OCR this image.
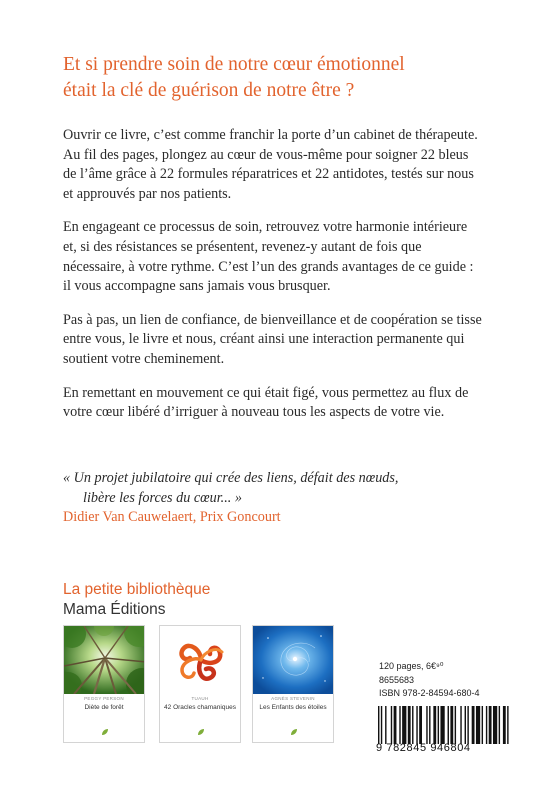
Et si prendre soin de notre cœur émotionnel
était la clé de guérison de notre être ?

Ouvrir ce livre, c’est comme franchir la porte d’un cabinet de thérapeute. Au fil des pages, plongez au cœur de vous-même pour soigner 22 bleus de l’âme grâce à 22 formules réparatrices et 22 antidotes, testés sur nous et approuvés par nos patients.

En engageant ce processus de soin, retrouvez votre harmonie intérieure et, si des résistances se présentent, revenez-y autant de fois que nécessaire, à votre rythme. C’est l’un des grands avantages de ce guide : il vous accompagne sans jamais vous brusquer.

Pas à pas, un lien de confiance, de bienveillance et de coopération se tisse entre vous, le livre et nous, créant ainsi une interaction permanente qui soutient votre cheminement.

En remettant en mouvement ce qui était figé, vous permettez au flux de votre cœur libéré d’irriguer à nouveau tous les aspects de votre vie.

« Un projet jubilatoire qui crée des liens, défait des nœuds,
libère les forces du cœur... »
Didier Van Cauwelaert, Prix Goncourt
La petite bibliothèque
Mama Éditions
PEGGY PERSON
Diète de forêt
TUAUH
42 Oracles chamaniques
AGNÈS STEVENIN
Les Enfants des étoiles
120 pages, 6€⁹⁰
8655683
ISBN 978-2-84594-680-4
9 782845 946804
